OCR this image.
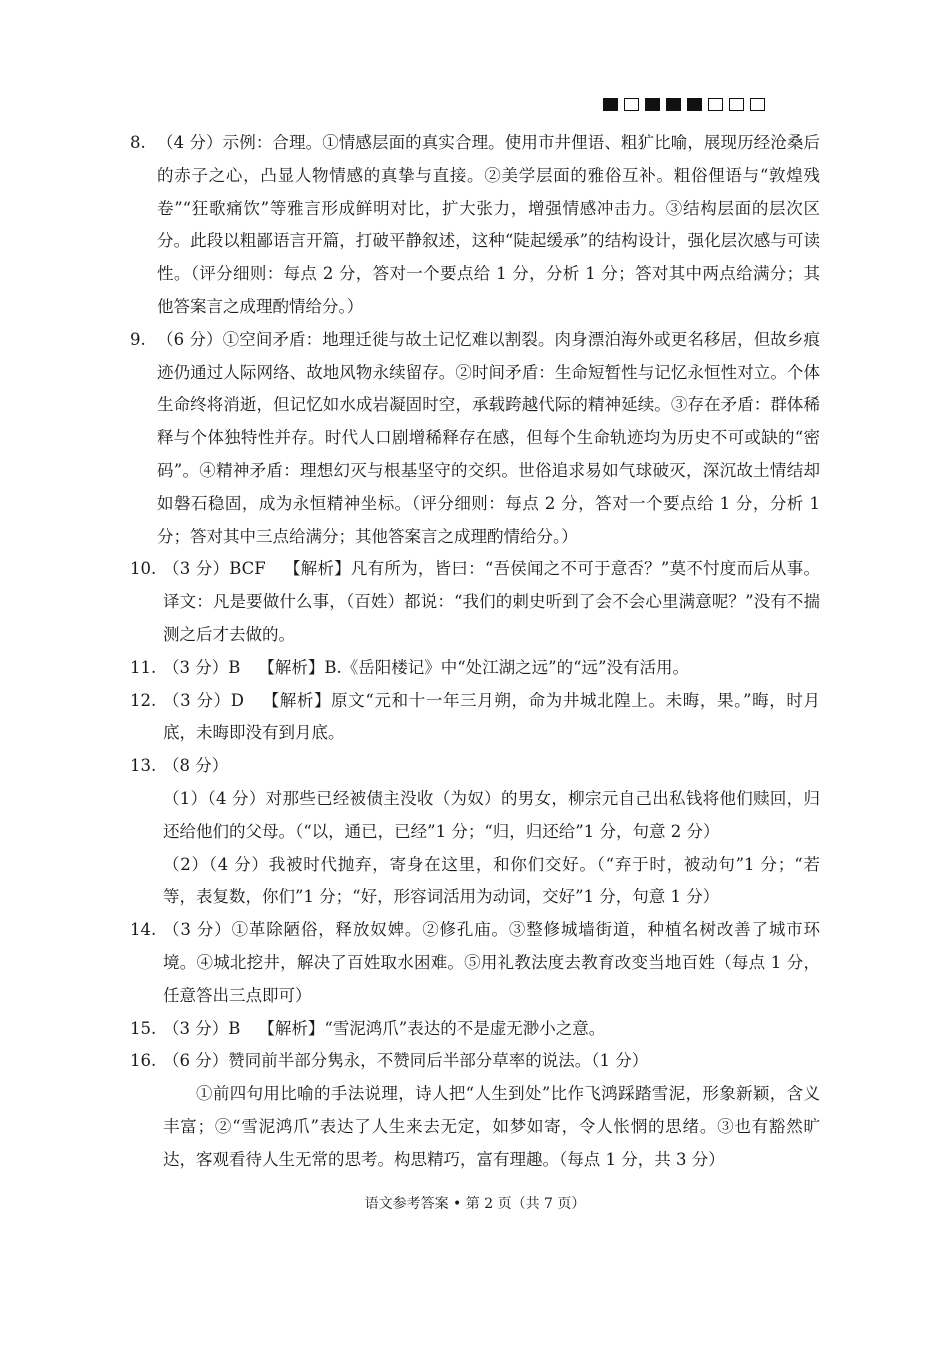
8. （4 分）示例：合理。①情感层面的真实合理。使用市井俚语、粗犷比喻，展现历经沧桑后的赤子之心，凸显人物情感的真挚与直接。②美学层面的雅俗互补。粗俗俚语与“敦煌残卷”“狂歌痛饮”等雅言形成鲜明对比，扩大张力，增强情感冲击力。③结构层面的层次区分。此段以粗鄙语言开篇，打破平静叙述，这种“陡起缓承”的结构设计，强化层次感与可读性。（评分细则：每点 2 分，答对一个要点给 1 分，分析 1 分；答对其中两点给满分；其他答案言之成理酌情给分。）
9. （6 分）①空间矛盾：地理迁徙与故土记忆难以割裂。肉身漂泊海外或更名移居，但故乡痕迹仍通过人际网络、故地风物永续留存。②时间矛盾：生命短暂性与记忆永恒性对立。个体生命终将消逝，但记忆如水成岩凝固时空，承载跨越代际的精神延续。③存在矛盾：群体稀释与个体独特性并存。时代人口剧增稀释存在感，但每个生命轨迹均为历史不可或缺的“密码”。④精神矛盾：理想幻灭与根基坚守的交织。世俗追求易如气球破灭，深沉故土情结却如磐石稳固，成为永恒精神坐标。（评分细则：每点 2 分，答对一个要点给 1 分，分析 1 分；答对其中三点给满分；其他答案言之成理酌情给分。）
10. （3 分）BCF 【解析】凡有所为，皆曰：“吾侯闻之不可于意否？”莫不忖度而后从事。 译文：凡是要做什么事，（百姓）都说：“我们的刺史听到了会不会心里满意呢？”没有不揣测之后才去做的。
11. （3 分）B 【解析】B.《岳阳楼记》中“处江湖之远”的“远”没有活用。
12. （3 分）D 【解析】原文“元和十一年三月朔，命为井城北隍上。未晦，果。”晦，时月底，未晦即没有到月底。
13. （8 分）
（1）（4 分）对那些已经被债主没收（为奴）的男女，柳宗元自己出私钱将他们赎回，归还给他们的父母。（“以，通已，已经”1 分；“归，归还给”1 分，句意 2 分）
（2）（4 分）我被时代抛弃，寄身在这里，和你们交好。（“弃于时，被动句”1 分；“若等，表复数，你们”1 分；“好，形容词活用为动词，交好”1 分，句意 1 分）
14. （3 分）①革除陋俗，释放奴婢。②修孔庙。③整修城墙街道，种植名树改善了城市环境。④城北挖井，解决了百姓取水困难。⑤用礼教法度去教育改变当地百姓（每点 1 分，任意答出三点即可）
15. （3 分）B 【解析】“雪泥鸿爪”表达的不是虚无渺小之意。
16. （6 分）赞同前半部分隽永，不赞同后半部分草率的说法。（1 分）
①前四句用比喻的手法说理，诗人把“人生到处”比作飞鸿踩踏雪泥，形象新颖，含义丰富；②“雪泥鸿爪”表达了人生来去无定，如梦如寄，令人怅惘的思绪。③也有豁然旷达，客观看待人生无常的思考。构思精巧，富有理趣。（每点 1 分，共 3 分）
语文参考答案 • 第 2 页（共 7 页）
